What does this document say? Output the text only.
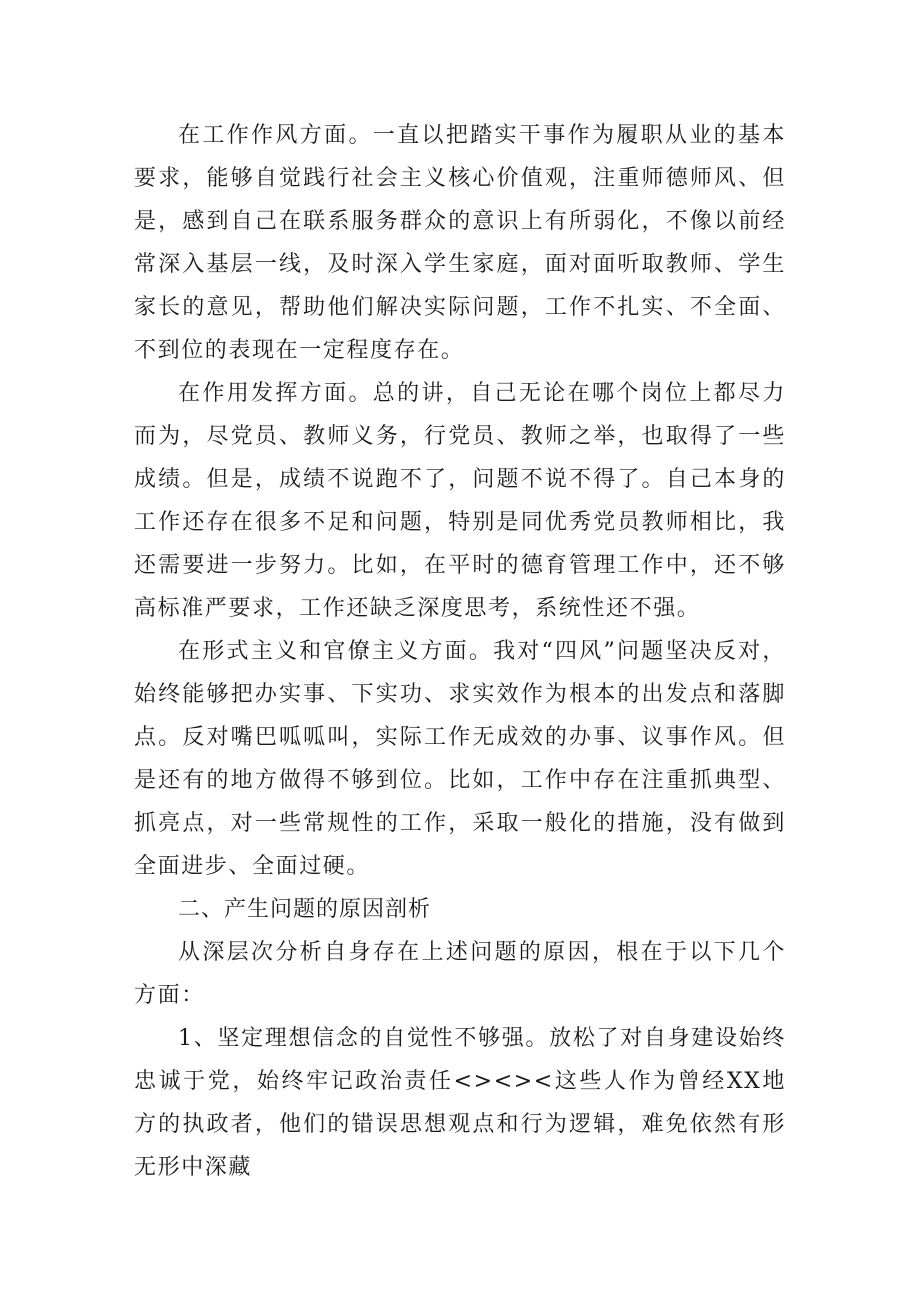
在工作作风方面。一直以把踏实干事作为履职从业的基本要求，能够自觉践行社会主义核心价值观，注重师德师风、但是，感到自己在联系服务群众的意识上有所弱化，不像以前经常深入基层一线，及时深入学生家庭，面对面听取教师、学生家长的意见，帮助他们解决实际问题，工作不扎实、不全面、不到位的表现在一定程度存在。

在作用发挥方面。总的讲，自己无论在哪个岗位上都尽力而为，尽党员、教师义务，行党员、教师之举，也取得了一些成绩。但是，成绩不说跑不了，问题不说不得了。自己本身的工作还存在很多不足和问题，特别是同优秀党员教师相比，我还需要进一步努力。比如，在平时的德育管理工作中，还不够高标准严要求，工作还缺乏深度思考，系统性还不强。

在形式主义和官僚主义方面。我对“四风”问题坚决反对，始终能够把办实事、下实功、求实效作为根本的出发点和落脚点。反对嘴巴呱呱叫，实际工作无成效的办事、议事作风。但是还有的地方做得不够到位。比如，工作中存在注重抓典型、抓亮点，对一些常规性的工作，采取一般化的措施，没有做到全面进步、全面过硬。

二、产生问题的原因剖析

从深层次分析自身存在上述问题的原因，根在于以下几个方面：

1、坚定理想信念的自觉性不够强。放松了对自身建设始终忠诚于党，始终牢记政治责任<><><这些人作为曾经XX地方的执政者，他们的错误思想观点和行为逻辑，难免依然有形无形中深藏
